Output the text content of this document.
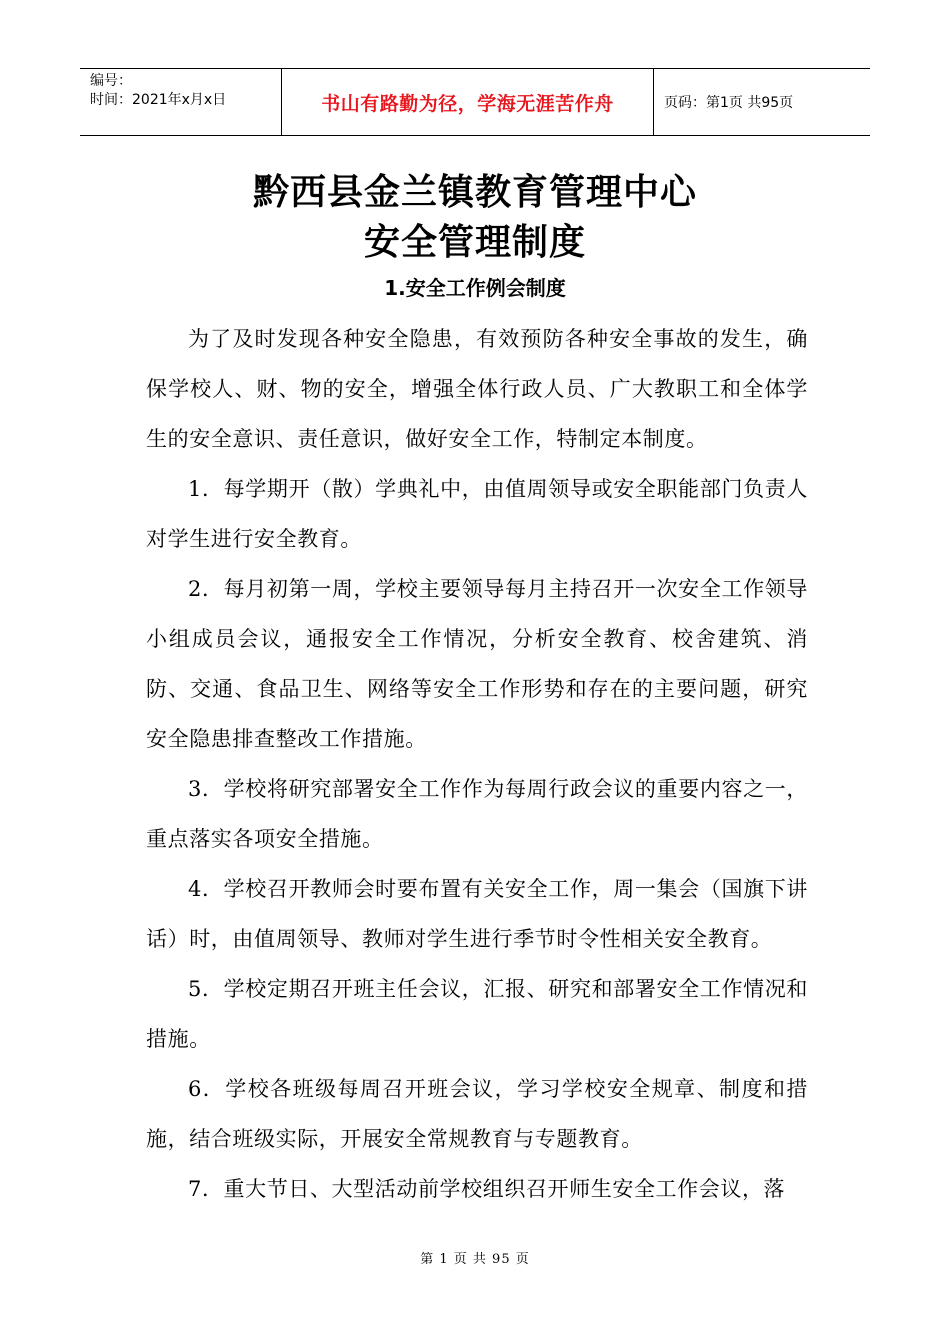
编号：
时间：2021年x月x日	书山有路勤为径，学海无涯苦作舟	页码：第1页 共95页
黔西县金兰镇教育管理中心
安全管理制度
1.安全工作例会制度

为了及时发现各种安全隐患，有效预防各种安全事故的发生，确保学校人、财、物的安全，增强全体行政人员、广大教职工和全体学生的安全意识、责任意识，做好安全工作，特制定本制度。

1．每学期开（散）学典礼中，由值周领导或安全职能部门负责人对学生进行安全教育。

2．每月初第一周，学校主要领导每月主持召开一次安全工作领导小组成员会议，通报安全工作情况，分析安全教育、校舍建筑、消防、交通、食品卫生、网络等安全工作形势和存在的主要问题，研究安全隐患排查整改工作措施。

3．学校将研究部署安全工作作为每周行政会议的重要内容之一，重点落实各项安全措施。

4．学校召开教师会时要布置有关安全工作，周一集会（国旗下讲话）时，由值周领导、教师对学生进行季节时令性相关安全教育。

5．学校定期召开班主任会议，汇报、研究和部署安全工作情况和措施。

6．学校各班级每周召开班会议，学习学校安全规章、制度和措施，结合班级实际，开展安全常规教育与专题教育。

7．重大节日、大型活动前学校组织召开师生安全工作会议，落

第 1 页 共 95 页
